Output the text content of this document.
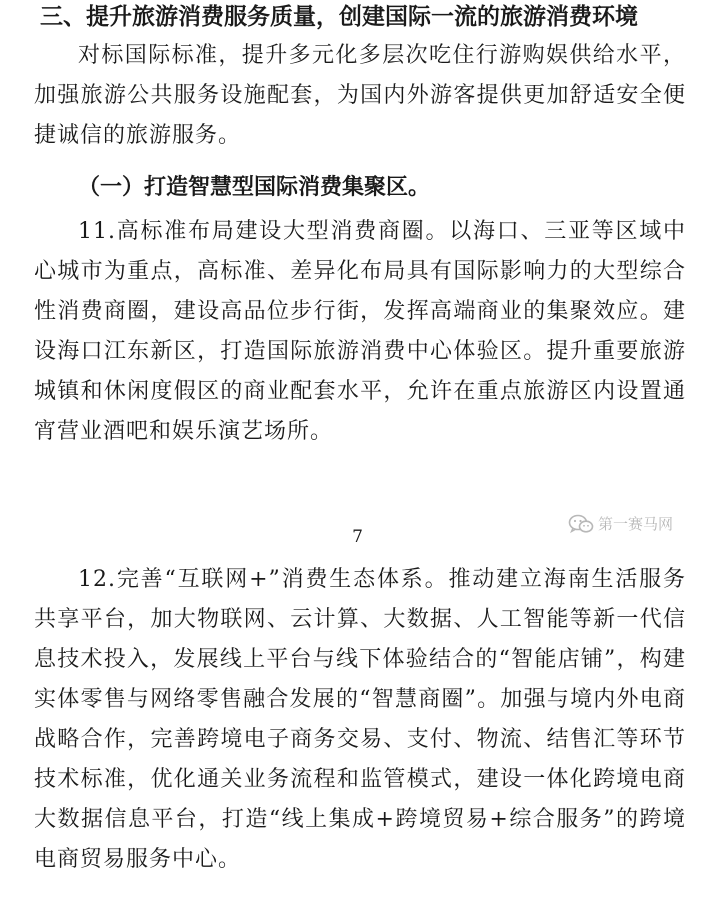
三、提升旅游消费服务质量，创建国际一流的旅游消费环境
对标国际标准，提升多元化多层次吃住行游购娱供给水平，加强旅游公共服务设施配套，为国内外游客提供更加舒适安全便捷诚信的旅游服务。
（一）打造智慧型国际消费集聚区。
11.高标准布局建设大型消费商圈。以海口、三亚等区域中心城市为重点，高标准、差异化布局具有国际影响力的大型综合性消费商圈，建设高品位步行街，发挥高端商业的集聚效应。建设海口江东新区，打造国际旅游消费中心体验区。提升重要旅游城镇和休闲度假区的商业配套水平，允许在重点旅游区内设置通宵营业酒吧和娱乐演艺场所。
7
第一赛马网
12.完善“互联网+”消费生态体系。推动建立海南生活服务共享平台，加大物联网、云计算、大数据、人工智能等新一代信息技术投入，发展线上平台与线下体验结合的“智能店铺”，构建实体零售与网络零售融合发展的“智慧商圈”。加强与境内外电商战略合作，完善跨境电子商务交易、支付、物流、结售汇等环节技术标准，优化通关业务流程和监管模式，建设一体化跨境电商大数据信息平台，打造“线上集成+跨境贸易+综合服务”的跨境电商贸易服务中心。
